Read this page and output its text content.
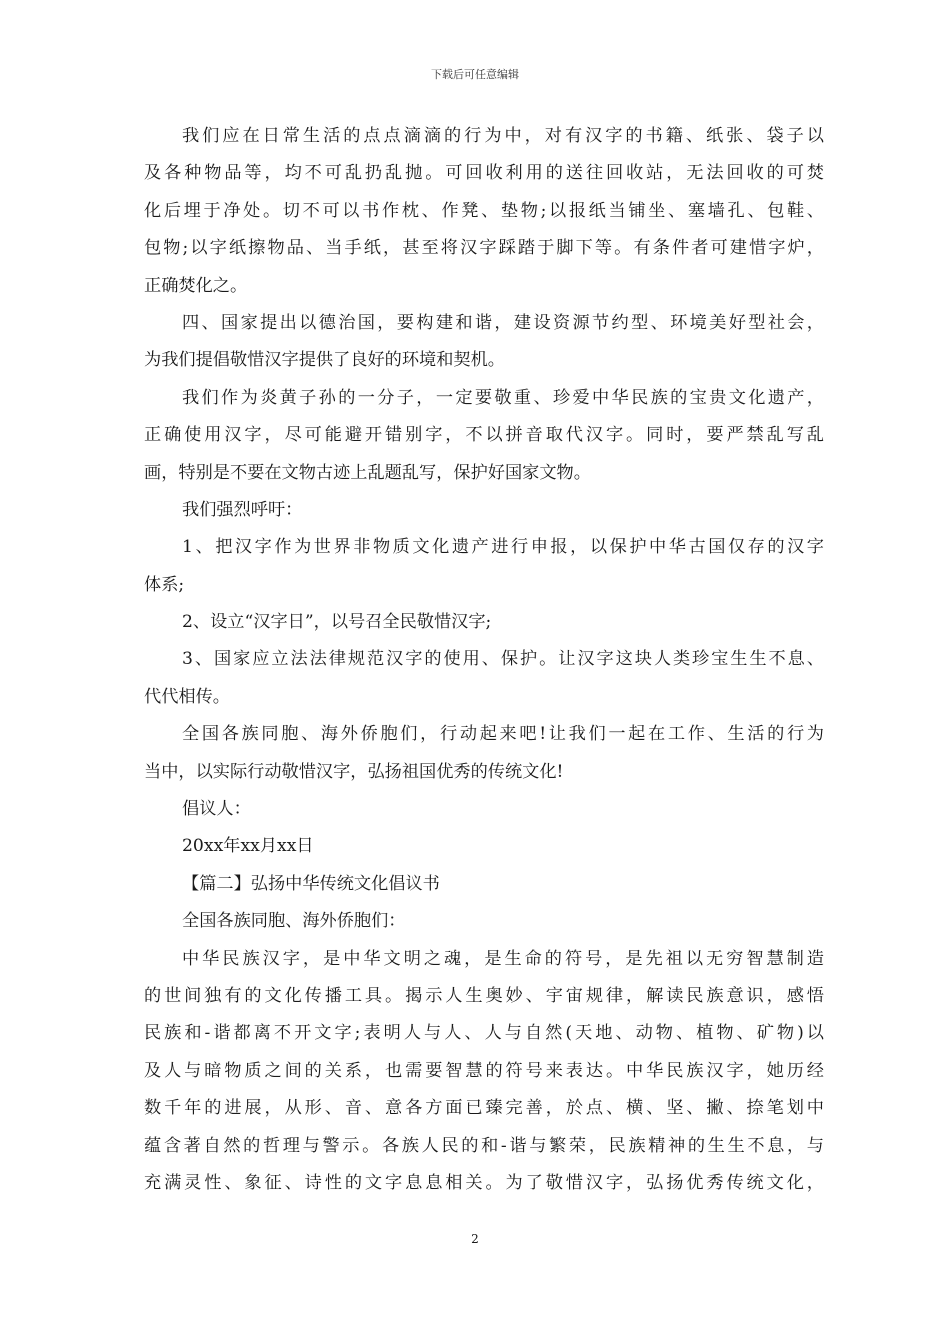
下载后可任意编辑
我们应在日常生活的点点滴滴的行为中，对有汉字的书籍、纸张、袋子以
及各种物品等，均不可乱扔乱抛。可回收利用的送往回收站，无法回收的可焚
化后埋于净处。切不可以书作枕、作凳、垫物;以报纸当铺坐、塞墙孔、包鞋、
包物;以字纸擦物品、当手纸，甚至将汉字踩踏于脚下等。有条件者可建惜字炉，
正确焚化之。
四、国家提出以德治国，要构建和谐，建设资源节约型、环境美好型社会，
为我们提倡敬惜汉字提供了良好的环境和契机。
我们作为炎黄子孙的一分子，一定要敬重、珍爱中华民族的宝贵文化遗产，
正确使用汉字，尽可能避开错别字，不以拼音取代汉字。同时，要严禁乱写乱
画，特别是不要在文物古迹上乱题乱写，保护好国家文物。
我们强烈呼吁：
1、把汉字作为世界非物质文化遗产进行申报，以保护中华古国仅存的汉字
体系;
2、设立“汉字日”，以号召全民敬惜汉字;
3、国家应立法法律规范汉字的使用、保护。让汉字这块人类珍宝生生不息、
代代相传。
全国各族同胞、海外侨胞们，行动起来吧!让我们一起在工作、生活的行为
当中，以实际行动敬惜汉字，弘扬祖国优秀的传统文化!
倡议人：
20xx年xx月xx日
【篇二】弘扬中华传统文化倡议书
全国各族同胞、海外侨胞们：
中华民族汉字，是中华文明之魂，是生命的符号，是先祖以无穷智慧制造
的世间独有的文化传播工具。揭示人生奥妙、宇宙规律，解读民族意识，感悟
民族和-谐都离不开文字;表明人与人、人与自然(天地、动物、植物、矿物)以
及人与暗物质之间的关系，也需要智慧的符号来表达。中华民族汉字，她历经
数千年的进展，从形、音、意各方面已臻完善，於点、横、坚、撇、捺笔划中
蕴含著自然的哲理与警示。各族人民的和-谐与繁荣，民族精神的生生不息，与
充满灵性、象征、诗性的文字息息相关。为了敬惜汉字，弘扬优秀传统文化，
2
